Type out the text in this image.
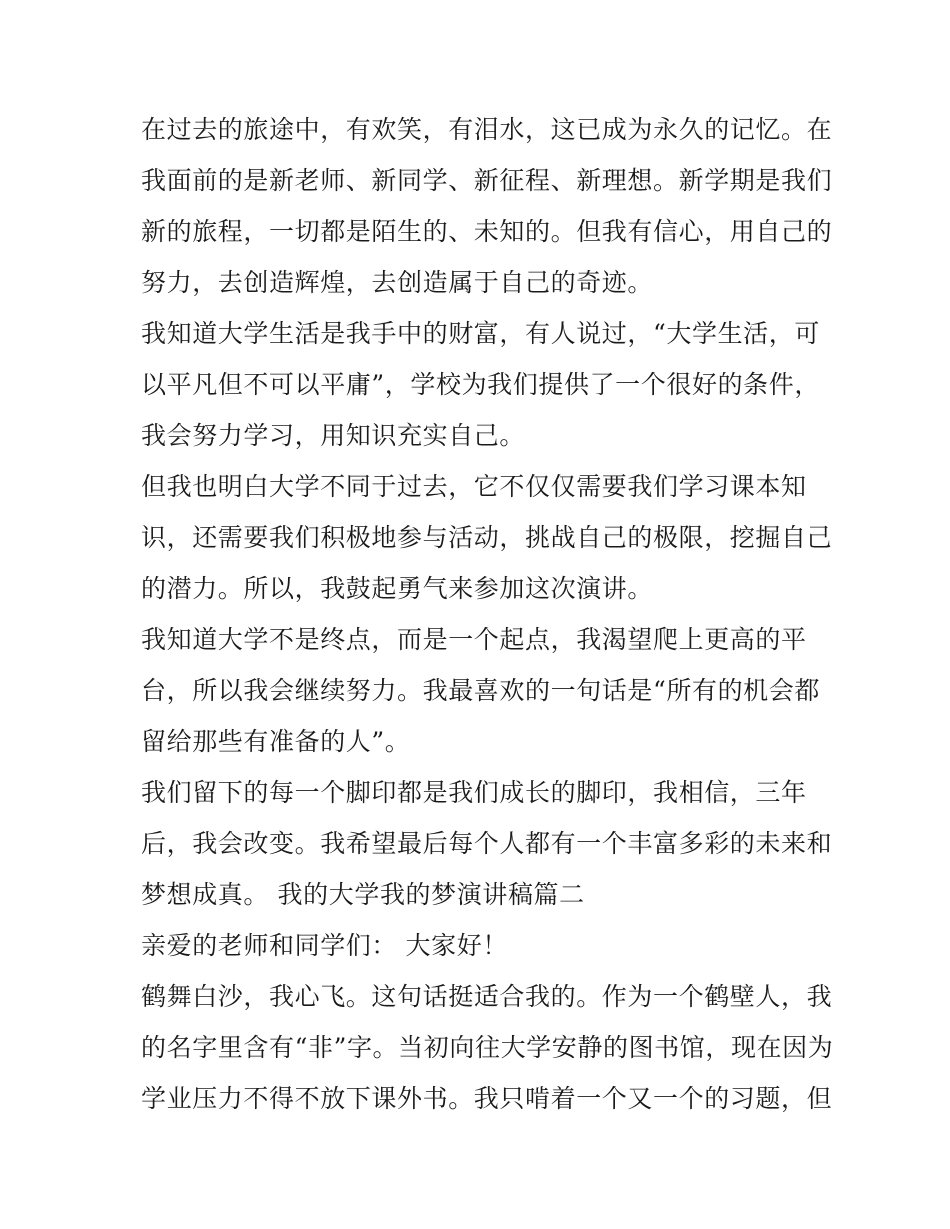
在过去的旅途中，有欢笑，有泪水，这已成为永久的记忆。在
我面前的是新老师、新同学、新征程、新理想。新学期是我们
新的旅程，一切都是陌生的、未知的。但我有信心，用自己的
努力，去创造辉煌，去创造属于自己的奇迹。
我知道大学生活是我手中的财富，有人说过，“大学生活，可
以平凡但不可以平庸”，学校为我们提供了一个很好的条件，
我会努力学习，用知识充实自己。
但我也明白大学不同于过去，它不仅仅需要我们学习课本知
识，还需要我们积极地参与活动，挑战自己的极限，挖掘自己
的潜力。所以，我鼓起勇气来参加这次演讲。
我知道大学不是终点，而是一个起点，我渴望爬上更高的平
台，所以我会继续努力。我最喜欢的一句话是“所有的机会都
留给那些有准备的人”。
我们留下的每一个脚印都是我们成长的脚印，我相信，三年
后，我会改变。我希望最后每个人都有一个丰富多彩的未来和
梦想成真。 我的大学我的梦演讲稿篇二
亲爱的老师和同学们： 大家好！
鹤舞白沙，我心飞。这句话挺适合我的。作为一个鹤壁人，我
的名字里含有“非”字。当初向往大学安静的图书馆，现在因为
学业压力不得不放下课外书。我只啃着一个又一个的习题，但
